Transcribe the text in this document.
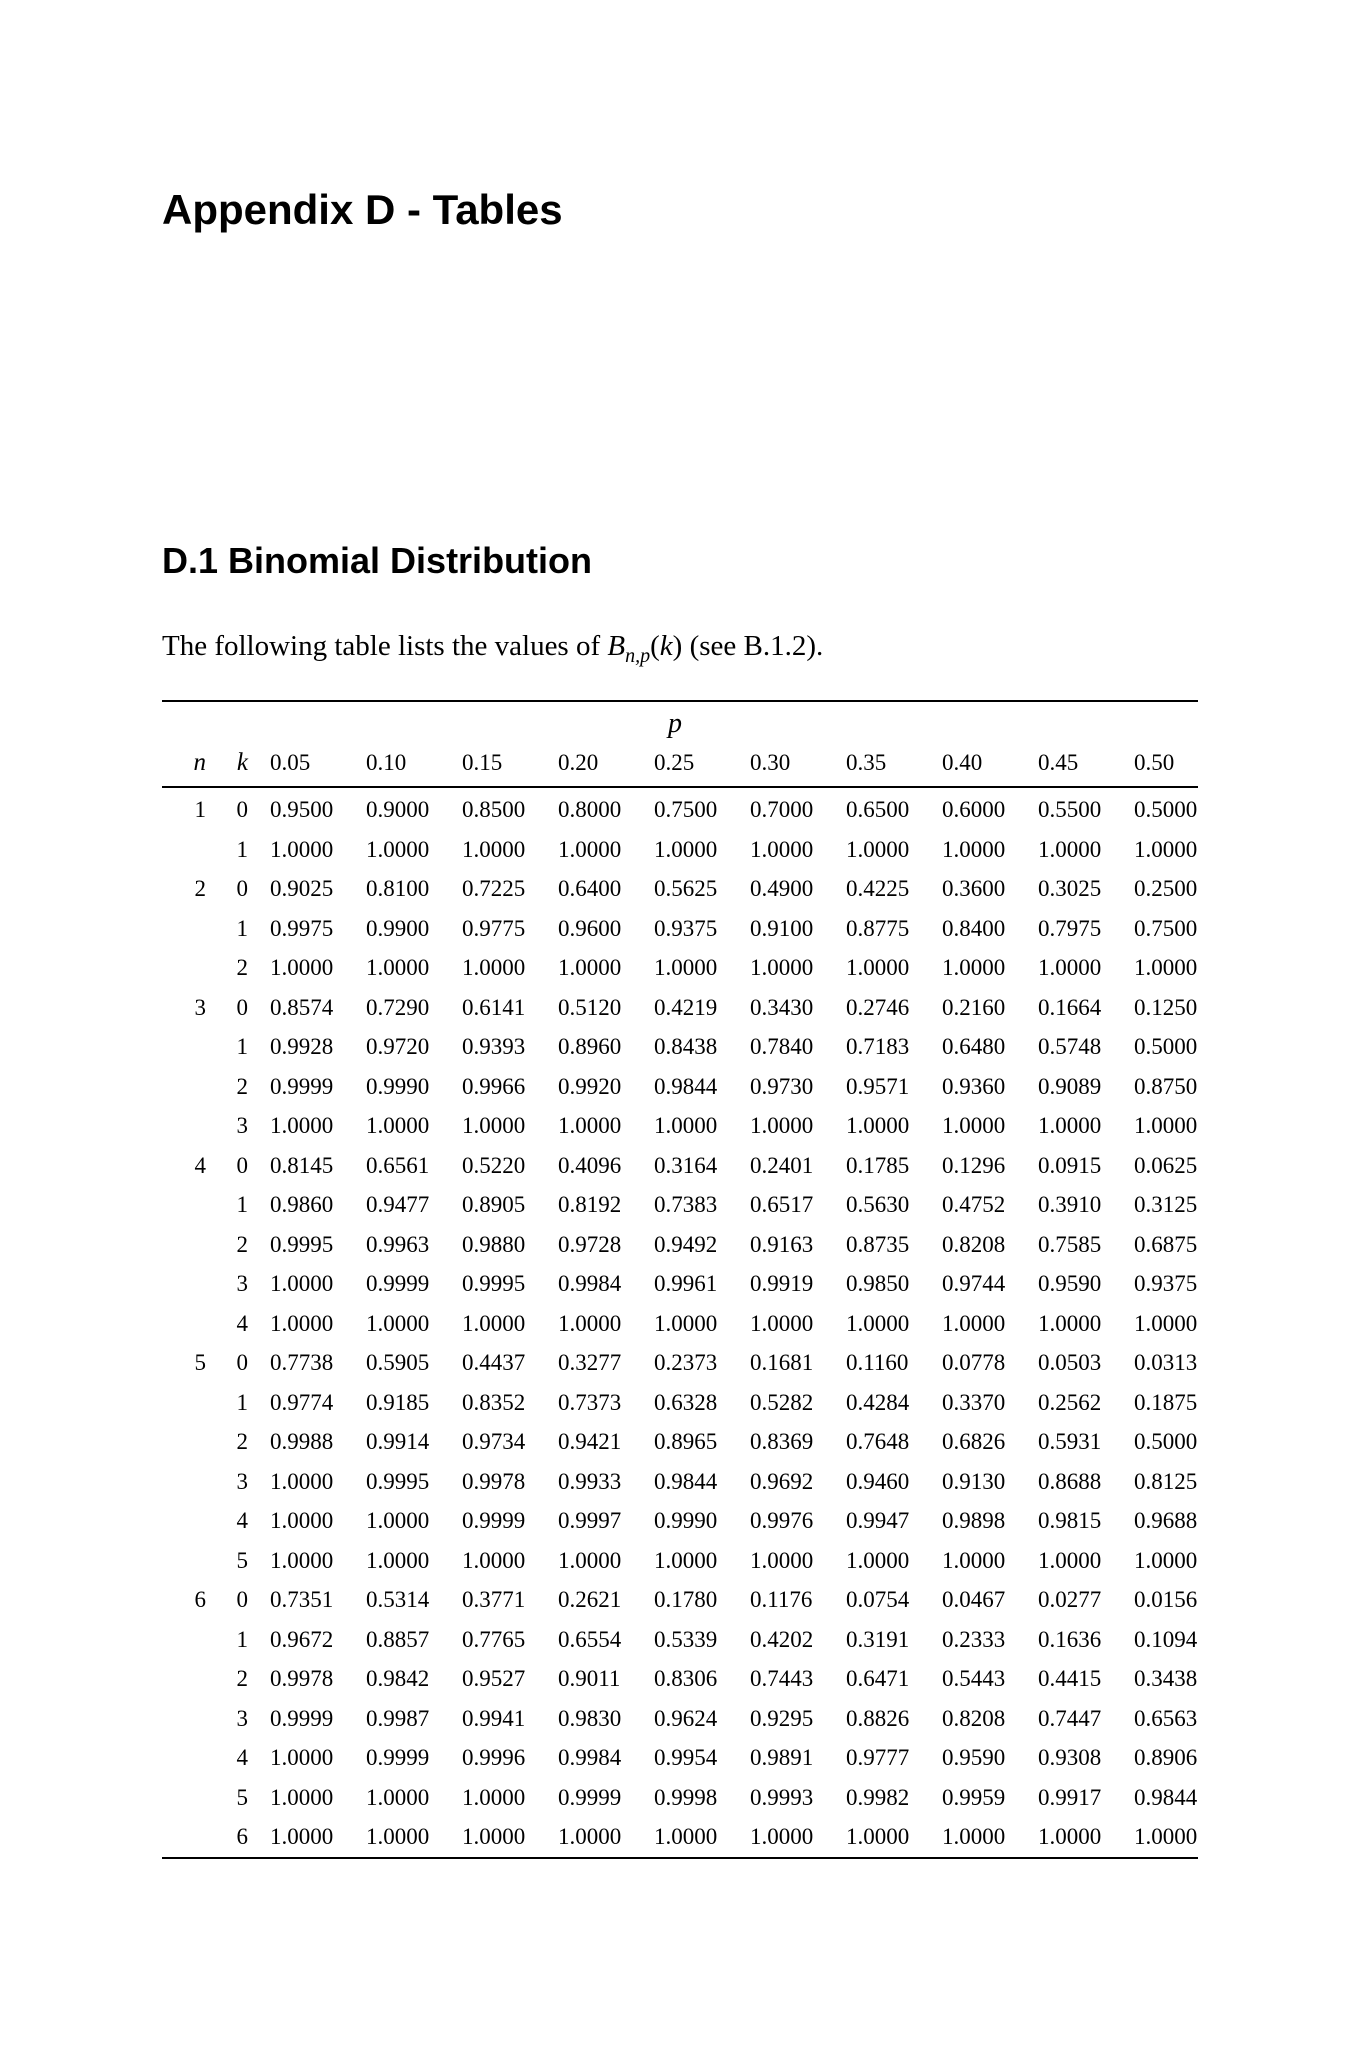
Appendix D - Tables
D.1 Binomial Distribution

The following table lists the values of $B_{n,p}(k)$ (see B.1.2).

						p					
n	k	0.05	0.10	0.15	0.20	0.25	0.30	0.35	0.40	0.45	0.50
1	0	0.9500	0.9000	0.8500	0.8000	0.7500	0.7000	0.6500	0.6000	0.5500	0.5000
	1	1.0000	1.0000	1.0000	1.0000	1.0000	1.0000	1.0000	1.0000	1.0000	1.0000
2	0	0.9025	0.8100	0.7225	0.6400	0.5625	0.4900	0.4225	0.3600	0.3025	0.2500
	1	0.9975	0.9900	0.9775	0.9600	0.9375	0.9100	0.8775	0.8400	0.7975	0.7500
	2	1.0000	1.0000	1.0000	1.0000	1.0000	1.0000	1.0000	1.0000	1.0000	1.0000
3	0	0.8574	0.7290	0.6141	0.5120	0.4219	0.3430	0.2746	0.2160	0.1664	0.1250
	1	0.9928	0.9720	0.9393	0.8960	0.8438	0.7840	0.7183	0.6480	0.5748	0.5000
	2	0.9999	0.9990	0.9966	0.9920	0.9844	0.9730	0.9571	0.9360	0.9089	0.8750
	3	1.0000	1.0000	1.0000	1.0000	1.0000	1.0000	1.0000	1.0000	1.0000	1.0000
4	0	0.8145	0.6561	0.5220	0.4096	0.3164	0.2401	0.1785	0.1296	0.0915	0.0625
	1	0.9860	0.9477	0.8905	0.8192	0.7383	0.6517	0.5630	0.4752	0.3910	0.3125
	2	0.9995	0.9963	0.9880	0.9728	0.9492	0.9163	0.8735	0.8208	0.7585	0.6875
	3	1.0000	0.9999	0.9995	0.9984	0.9961	0.9919	0.9850	0.9744	0.9590	0.9375
	4	1.0000	1.0000	1.0000	1.0000	1.0000	1.0000	1.0000	1.0000	1.0000	1.0000
5	0	0.7738	0.5905	0.4437	0.3277	0.2373	0.1681	0.1160	0.0778	0.0503	0.0313
	1	0.9774	0.9185	0.8352	0.7373	0.6328	0.5282	0.4284	0.3370	0.2562	0.1875
	2	0.9988	0.9914	0.9734	0.9421	0.8965	0.8369	0.7648	0.6826	0.5931	0.5000
	3	1.0000	0.9995	0.9978	0.9933	0.9844	0.9692	0.9460	0.9130	0.8688	0.8125
	4	1.0000	1.0000	0.9999	0.9997	0.9990	0.9976	0.9947	0.9898	0.9815	0.9688
	5	1.0000	1.0000	1.0000	1.0000	1.0000	1.0000	1.0000	1.0000	1.0000	1.0000
6	0	0.7351	0.5314	0.3771	0.2621	0.1780	0.1176	0.0754	0.0467	0.0277	0.0156
	1	0.9672	0.8857	0.7765	0.6554	0.5339	0.4202	0.3191	0.2333	0.1636	0.1094
	2	0.9978	0.9842	0.9527	0.9011	0.8306	0.7443	0.6471	0.5443	0.4415	0.3438
	3	0.9999	0.9987	0.9941	0.9830	0.9624	0.9295	0.8826	0.8208	0.7447	0.6563
	4	1.0000	0.9999	0.9996	0.9984	0.9954	0.9891	0.9777	0.9590	0.9308	0.8906
	5	1.0000	1.0000	1.0000	0.9999	0.9998	0.9993	0.9982	0.9959	0.9917	0.9844
	6	1.0000	1.0000	1.0000	1.0000	1.0000	1.0000	1.0000	1.0000	1.0000	1.0000
